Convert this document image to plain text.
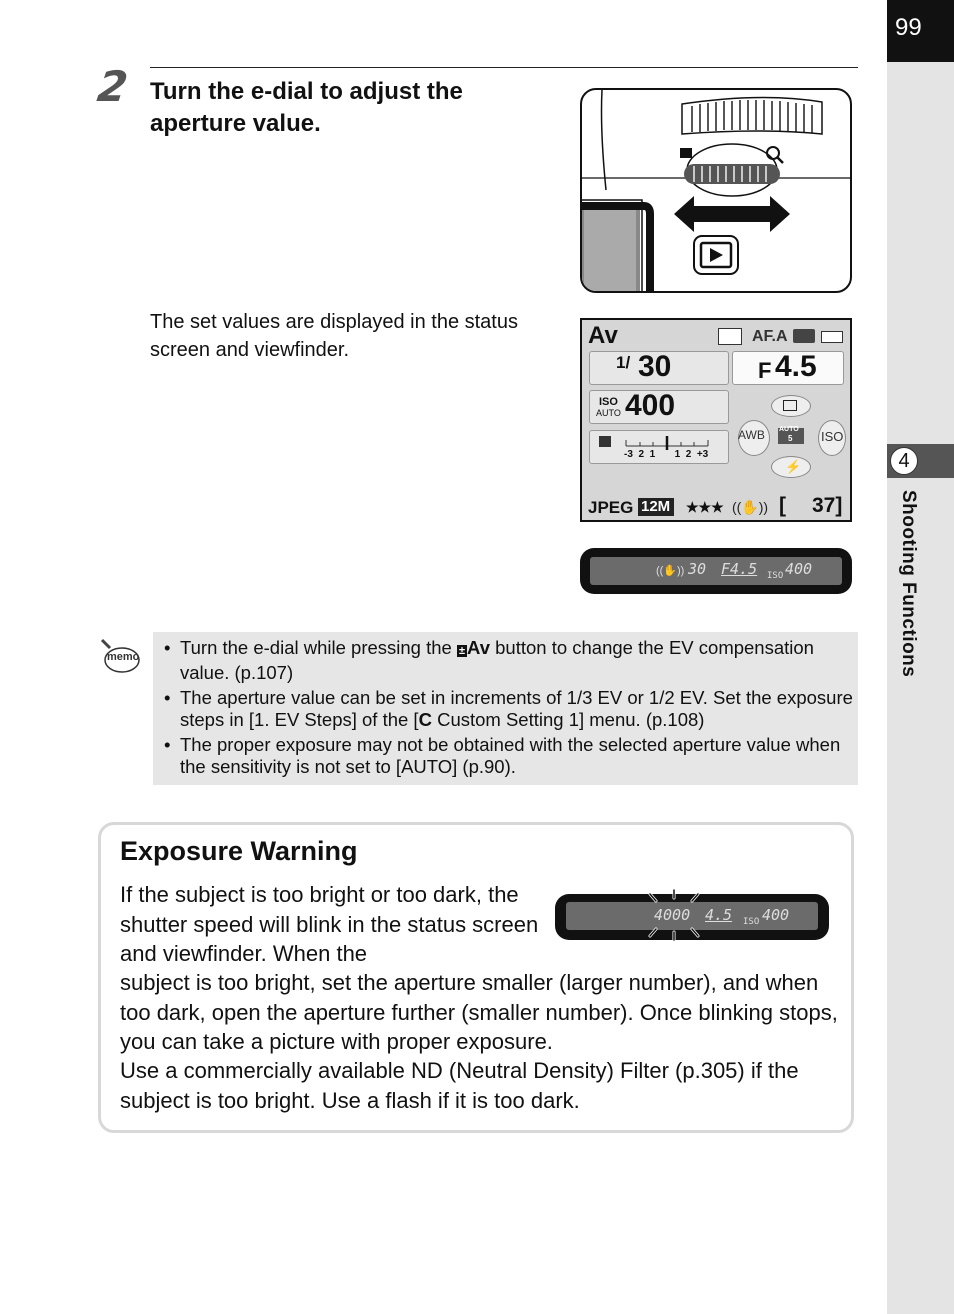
99
4
Shooting Functions
2 Turn the e-dial to adjust the aperture value.
The set values are displayed in the status screen and viewfinder.
Av	AF.A
1/ 30	F 4.5
ISO
AUTO 400
-3  2  1       1  2  +3
AWB AUTO
5 ISO
⚡
JPEG 12M ★★★ ((✋)) [ 37]
((✋)) 30 F4.5 ISO 400
memo
•	Turn the e-dial while pressing the ± Av button to change the EV compensation value. (p.107)
• The aperture value can be set in increments of 1/3 EV or 1/2 EV. Set the exposure steps in [1. EV Steps] of the [C Custom Setting 1] menu. (p.108)
• The proper exposure may not be obtained with the selected aperture value when the sensitivity is not set to [AUTO] (p.90).
Exposure Warning
If the subject is too bright or too dark, the shutter speed will blink in the status screen and viewfinder. When the
subject is too bright, set the aperture smaller (larger number), and when too dark, open the aperture further (smaller number). Once blinking stops, you can take a picture with proper exposure.
Use a commercially available ND (Neutral Density) Filter (p.305) if the subject is too bright. Use a flash if it is too dark.
4000 4.5 ISO 400
